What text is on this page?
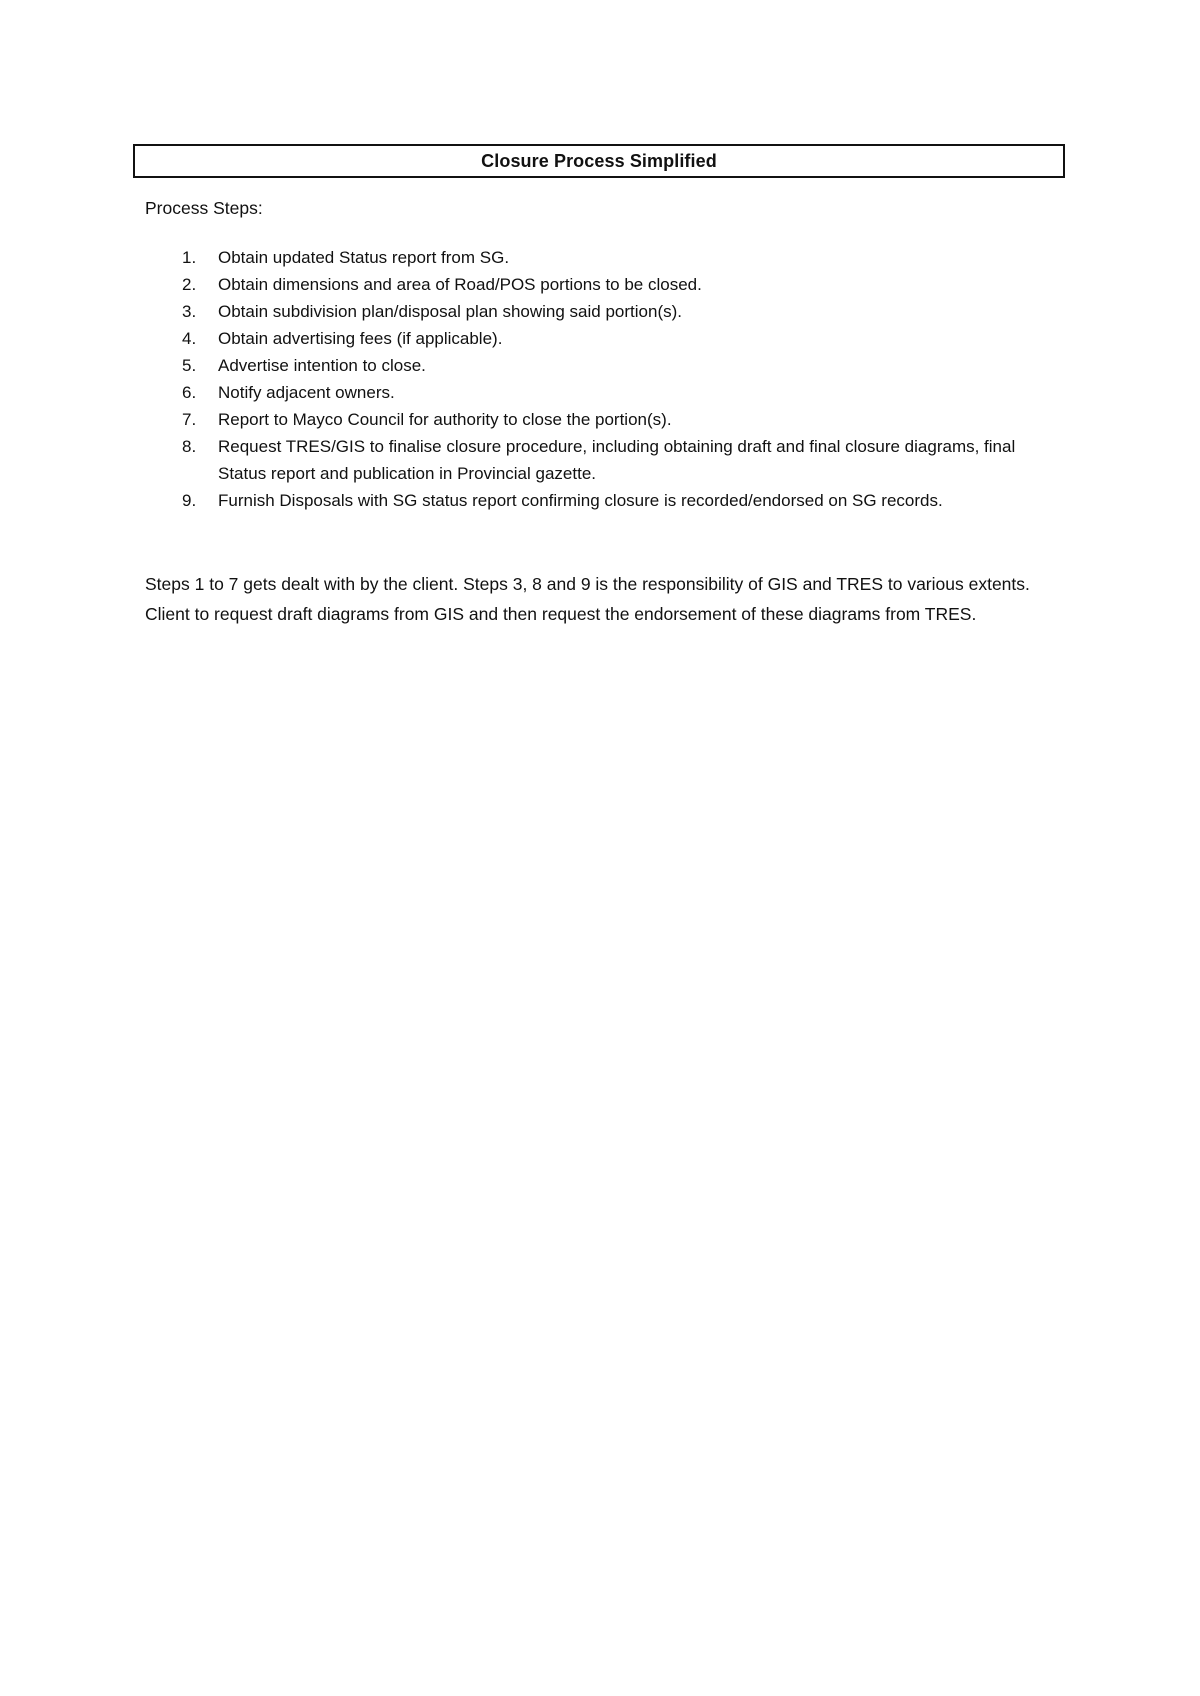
Closure Process Simplified
Process Steps:
1.	Obtain updated Status report from SG.
2.	Obtain dimensions and area of Road/POS portions to be closed.
3.	Obtain subdivision plan/disposal plan showing said portion(s).
4.	Obtain advertising fees (if applicable).
5.	Advertise intention to close.
6.	Notify adjacent owners.
7.	Report to Mayco Council for authority to close the portion(s).
8.	Request TRES/GIS to finalise closure procedure, including obtaining draft and final closure diagrams, final Status report and publication in Provincial gazette.
9.	Furnish Disposals with SG status report confirming closure is recorded/endorsed on SG records.

Steps 1 to 7 gets dealt with by the client. Steps 3, 8 and 9 is the responsibility of GIS and TRES to various extents. Client to request draft diagrams from GIS and then request the endorsement of these diagrams from TRES.
